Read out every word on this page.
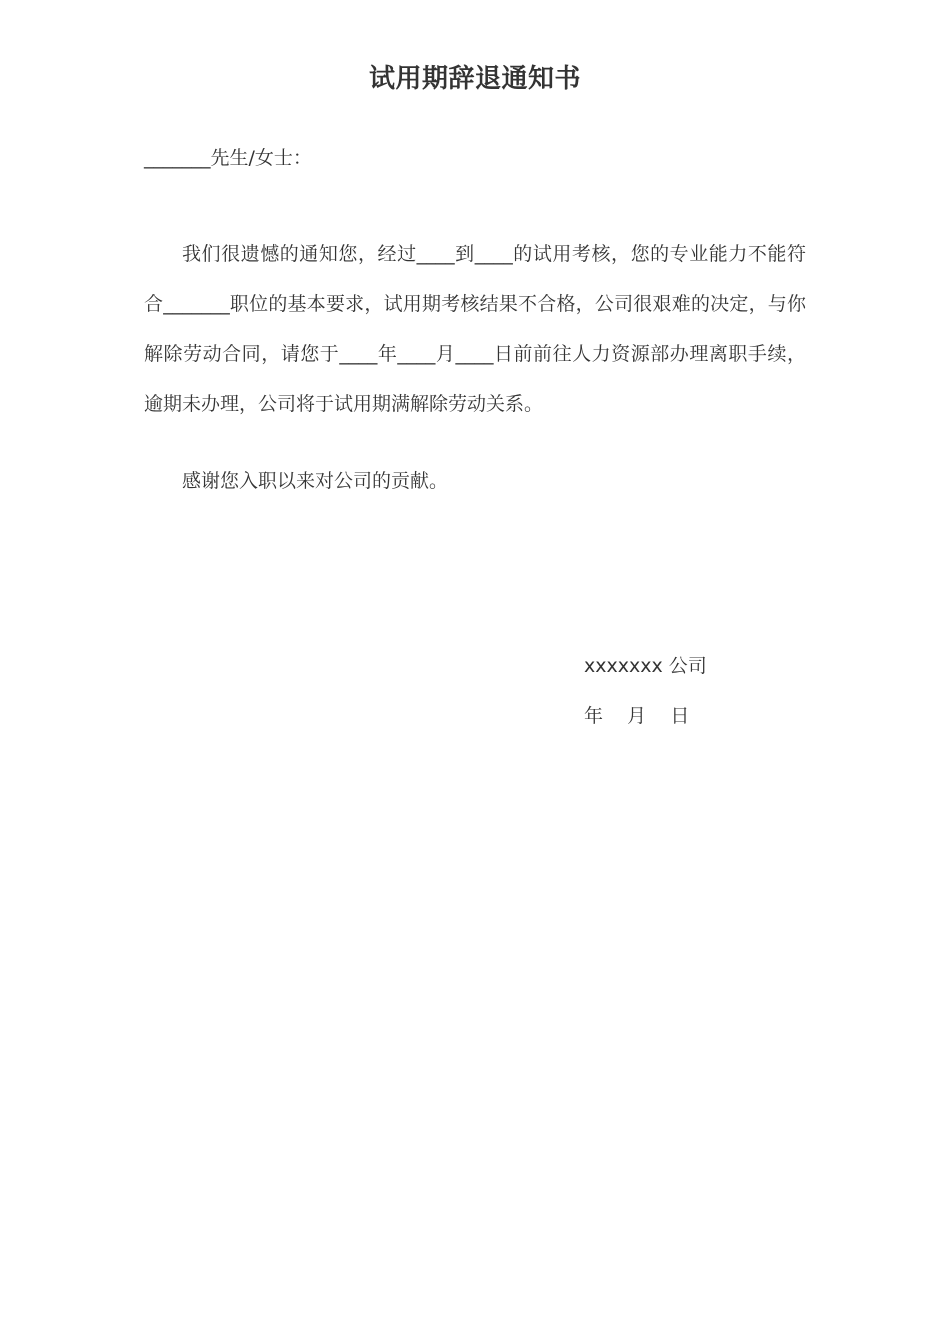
试用期辞退通知书
_______先生/女士：
我们很遗憾的通知您，经过____到____的试用考核，您的专业能力不能符合_______职位的基本要求，试用期考核结果不合格，公司很艰难的决定，与你解除劳动合同，请您于____年____月____日前前往人力资源部办理离职手续，逾期未办理，公司将于试用期满解除劳动关系。
感谢您入职以来对公司的贡献。
xxxxxxx 公司
年    月    日
